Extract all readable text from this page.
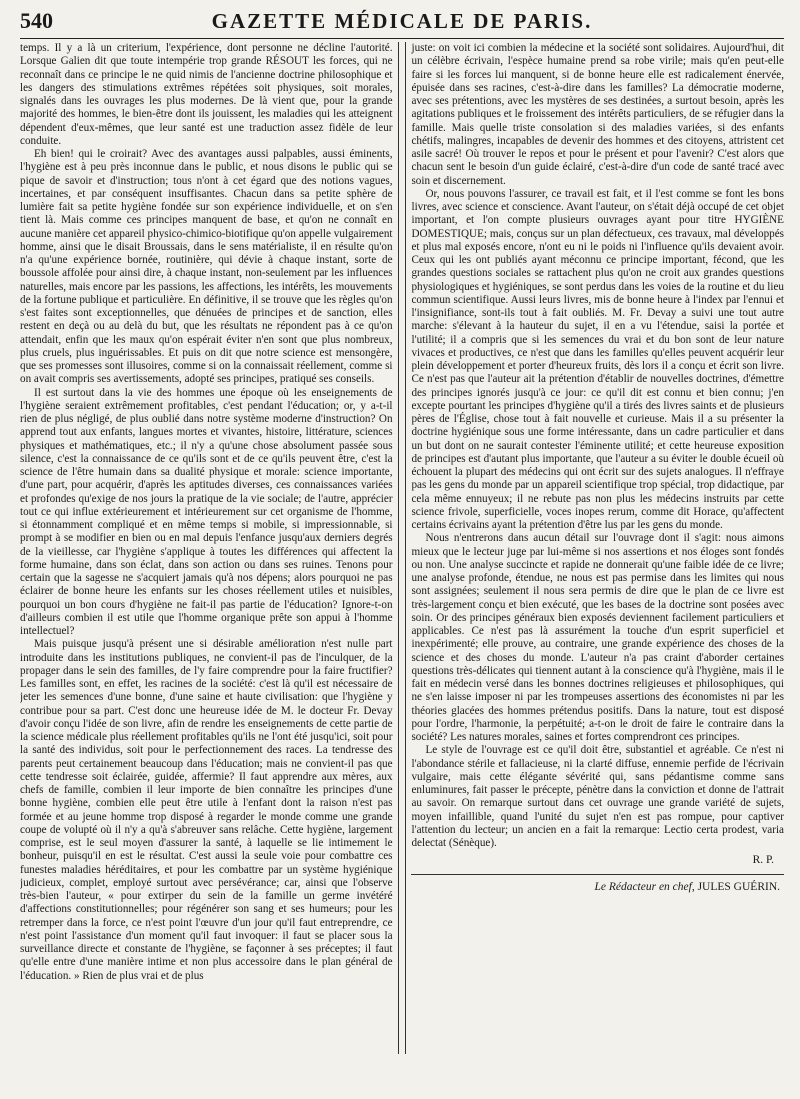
540	GAZETTE MÉDICALE DE PARIS.

temps. Il y a là un criterium, l'expérience, dont personne ne décline l'autorité. Lorsque Galien dit que toute intempérie trop grande RÉSOUT les forces, qui ne reconnaît dans ce principe le ne quid nimis de l'ancienne doctrine philosophique et les dangers des stimulations extrêmes répétées soit physiques, soit morales, signalés dans les ouvrages les plus modernes. De là vient que, pour la grande majorité des hommes, le bien-être dont ils jouissent, les maladies qui les atteignent dépendent d'eux-mêmes, que leur santé est une traduction assez fidèle de leur conduite.

Eh bien! qui le croirait? Avec des avantages aussi palpables, aussi éminents, l'hygiène est à peu près inconnue dans le public, et nous disons le public qui se pique de savoir et d'instruction; tous n'ont à cet égard que des notions vagues, incertaines, et par conséquent insuffisantes. Chacun dans sa petite sphère de lumière fait sa petite hygiène fondée sur son expérience individuelle, et on s'en tient là. Mais comme ces principes manquent de base, et qu'on ne connaît en aucune manière cet appareil physico-chimico-biotifique qu'on appelle vulgairement homme, ainsi que le disait Broussais, dans le sens matérialiste, il en résulte qu'on n'a qu'une expérience bornée, routinière, qui dévie à chaque instant, sorte de boussole affolée pour ainsi dire, à chaque instant, non-seulement par les influences naturelles, mais encore par les passions, les affections, les intérêts, les mouvements de la fortune publique et particulière. En définitive, il se trouve que les règles qu'on s'est faites sont exceptionnelles, que dénuées de principes et de sanction, elles restent en deçà ou au delà du but, que les résultats ne répondent pas à ce qu'on attendait, enfin que les maux qu'on espérait éviter n'en sont que plus nombreux, plus cruels, plus inguérissables. Et puis on dit que notre science est mensongère, que ses promesses sont illusoires, comme si on la connaissait réellement, comme si on avait compris ses avertissements, adopté ses principes, pratiqué ses conseils.

Il est surtout dans la vie des hommes une époque où les enseignements de l'hygiène seraient extrêmement profitables, c'est pendant l'éducation; or, y a-t-il rien de plus négligé, de plus oublié dans notre système moderne d'instruction? On apprend tout aux enfants, langues mortes et vivantes, histoire, littérature, sciences physiques et mathématiques, etc.; il n'y a qu'une chose absolument passée sous silence, c'est la connaissance de ce qu'ils sont et de ce qu'ils peuvent être, c'est la science de l'être humain dans sa dualité physique et morale: science importante, d'une part, pour acquérir, d'après les aptitudes diverses, ces connaissances variées et profondes qu'exige de nos jours la pratique de la vie sociale; de l'autre, apprécier tout ce qui influe extérieurement et intérieurement sur cet organisme de l'homme, si étonnamment compliqué et en même temps si mobile, si impressionnable, si prompt à se modifier en bien ou en mal depuis l'enfance jusqu'aux derniers degrés de la vieillesse, car l'hygiène s'applique à toutes les différences qui affectent la forme humaine, dans son éclat, dans son action ou dans ses ruines. Tenons pour certain que la sagesse ne s'acquiert jamais qu'à nos dépens; alors pourquoi ne pas éclairer de bonne heure les enfants sur les choses réellement utiles et nuisibles, pourquoi un bon cours d'hygiène ne fait-il pas partie de l'éducation? Ignore-t-on d'ailleurs combien il est utile que l'homme organique prête son appui à l'homme intellectuel?

Mais puisque jusqu'à présent une si désirable amélioration n'est nulle part introduite dans les institutions publiques, ne convient-il pas de l'inculquer, de la propager dans le sein des familles, de l'y faire comprendre pour la faire fructifier? Les familles sont, en effet, les racines de la société: c'est là qu'il est nécessaire de jeter les semences d'une bonne, d'une saine et haute civilisation: que l'hygiène y contribue pour sa part. C'est donc une heureuse idée de M. le docteur Fr. Devay d'avoir conçu l'idée de son livre, afin de rendre les enseignements de cette partie de la science médicale plus réellement profitables qu'ils ne l'ont été jusqu'ici, soit pour la santé des individus, soit pour le perfectionnement des races. La tendresse des parents peut certainement beaucoup dans l'éducation; mais ne convient-il pas que cette tendresse soit éclairée, guidée, affermie? Il faut apprendre aux mères, aux chefs de famille, combien il leur importe de bien connaître les principes d'une bonne hygiène, combien elle peut être utile à l'enfant dont la raison n'est pas formée et au jeune homme trop disposé à regarder le monde comme une grande coupe de volupté où il n'y a qu'à s'abreuver sans relâche. Cette hygiène, largement comprise, est le seul moyen d'assurer la santé, à laquelle se lie intimement le bonheur, puisqu'il en est le résultat. C'est aussi la seule voie pour combattre ces funestes maladies héréditaires, et pour les combattre par un système hygiénique judicieux, complet, employé surtout avec persévérance; car, ainsi que l'observe très-bien l'auteur, « pour extirper du sein de la famille un germe invétéré d'affections constitutionnelles; pour régénérer son sang et ses humeurs; pour les retremper dans la force, ce n'est point l'œuvre d'un jour qu'il faut entreprendre, ce n'est point l'assistance d'un moment qu'il faut invoquer: il faut se placer sous la surveillance directe et constante de l'hygiène, se façonner à ses préceptes; il faut qu'elle entre d'une manière intime et non plus accessoire dans le plan général de l'éducation. » Rien de plus vrai et de plus

juste: on voit ici combien la médecine et la société sont solidaires. Aujourd'hui, dit un célèbre écrivain, l'espèce humaine prend sa robe virile; mais qu'en peut-elle faire si les forces lui manquent, si de bonne heure elle est radicalement énervée, épuisée dans ses racines, c'est-à-dire dans les familles? La démocratie moderne, avec ses prétentions, avec les mystères de ses destinées, a surtout besoin, après les agitations publiques et le froissement des intérêts particuliers, de se réfugier dans la famille. Mais quelle triste consolation si des maladies variées, si des enfants chétifs, malingres, incapables de devenir des hommes et des citoyens, attristent cet asile sacré! Où trouver le repos et pour le présent et pour l'avenir? C'est alors que chacun sent le besoin d'un guide éclairé, c'est-à-dire d'un code de santé tracé avec soin et discernement.

Or, nous pouvons l'assurer, ce travail est fait, et il l'est comme se font les bons livres, avec science et conscience. Avant l'auteur, on s'était déjà occupé de cet objet important, et l'on compte plusieurs ouvrages ayant pour titre HYGIÈNE DOMESTIQUE; mais, conçus sur un plan défectueux, ces travaux, mal développés et plus mal exposés encore, n'ont eu ni le poids ni l'influence qu'ils devaient avoir. Ceux qui les ont publiés ayant méconnu ce principe important, fécond, que les grandes questions sociales se rattachent plus qu'on ne croit aux grandes questions physiologiques et hygiéniques, se sont perdus dans les voies de la routine et du lieu commun scientifique. Aussi leurs livres, mis de bonne heure à l'index par l'ennui et l'insignifiance, sont-ils tout à fait oubliés. M. Fr. Devay a suivi une tout autre marche: s'élevant à la hauteur du sujet, il en a vu l'étendue, saisi la portée et l'utilité; il a compris que si les semences du vrai et du bon sont de leur nature vivaces et productives, ce n'est que dans les familles qu'elles peuvent acquérir leur plein développement et porter d'heureux fruits, dès lors il a conçu et écrit son livre. Ce n'est pas que l'auteur ait la prétention d'établir de nouvelles doctrines, d'émettre des principes ignorés jusqu'à ce jour: ce qu'il dit est connu et bien connu; j'en excepte pourtant les principes d'hygiène qu'il a tirés des livres saints et de plusieurs pères de l'Église, chose tout à fait nouvelle et curieuse. Mais il a su présenter la doctrine hygiénique sous une forme intéressante, dans un cadre particulier et dans un but dont on ne saurait contester l'éminente utilité; et cette heureuse exposition de principes est d'autant plus importante, que l'auteur a su éviter le double écueil où échouent la plupart des médecins qui ont écrit sur des sujets analogues. Il n'effraye pas les gens du monde par un appareil scientifique trop spécial, trop didactique, par cela même ennuyeux; il ne rebute pas non plus les médecins instruits par cette science frivole, superficielle, voces inopes rerum, comme dit Horace, qu'affectent certains écrivains ayant la prétention d'être lus par les gens du monde.

Nous n'entrerons dans aucun détail sur l'ouvrage dont il s'agit: nous aimons mieux que le lecteur juge par lui-même si nos assertions et nos éloges sont fondés ou non. Une analyse succincte et rapide ne donnerait qu'une faible idée de ce livre; une analyse profonde, étendue, ne nous est pas permise dans les limites qui nous sont assignées; seulement il nous sera permis de dire que le plan de ce livre est très-largement conçu et bien exécuté, que les bases de la doctrine sont posées avec soin. Or des principes généraux bien exposés deviennent facilement particuliers et applicables. Ce n'est pas là assurément la touche d'un esprit superficiel et inexpérimenté; elle prouve, au contraire, une grande expérience des choses de la science et des choses du monde. L'auteur n'a pas craint d'aborder certaines questions très-délicates qui tiennent autant à la conscience qu'à l'hygiène, mais il le fait en médecin versé dans les bonnes doctrines religieuses et philosophiques, qui ne s'en laisse imposer ni par les trompeuses assertions des économistes ni par les théories glacées des hommes prétendus positifs. Dans la nature, tout est disposé pour l'ordre, l'harmonie, la perpétuité; a-t-on le droit de faire le contraire dans la société? Les natures morales, saines et fortes comprendront ces principes.

Le style de l'ouvrage est ce qu'il doit être, substantiel et agréable. Ce n'est ni l'abondance stérile et fallacieuse, ni la clarté diffuse, ennemie perfide de l'écrivain vulgaire, mais cette élégante sévérité qui, sans pédantisme comme sans enluminures, fait passer le précepte, pénètre dans la conviction et donne de l'attrait au savoir. On remarque surtout dans cet ouvrage une grande variété de sujets, moyen infaillible, quand l'unité du sujet n'en est pas rompue, pour captiver l'attention du lecteur; un ancien en a fait la remarque: Lectio certa prodest, varia delectat (Sénèque).

R. P.
Le Rédacteur en chef, JULES GUÉRIN.
